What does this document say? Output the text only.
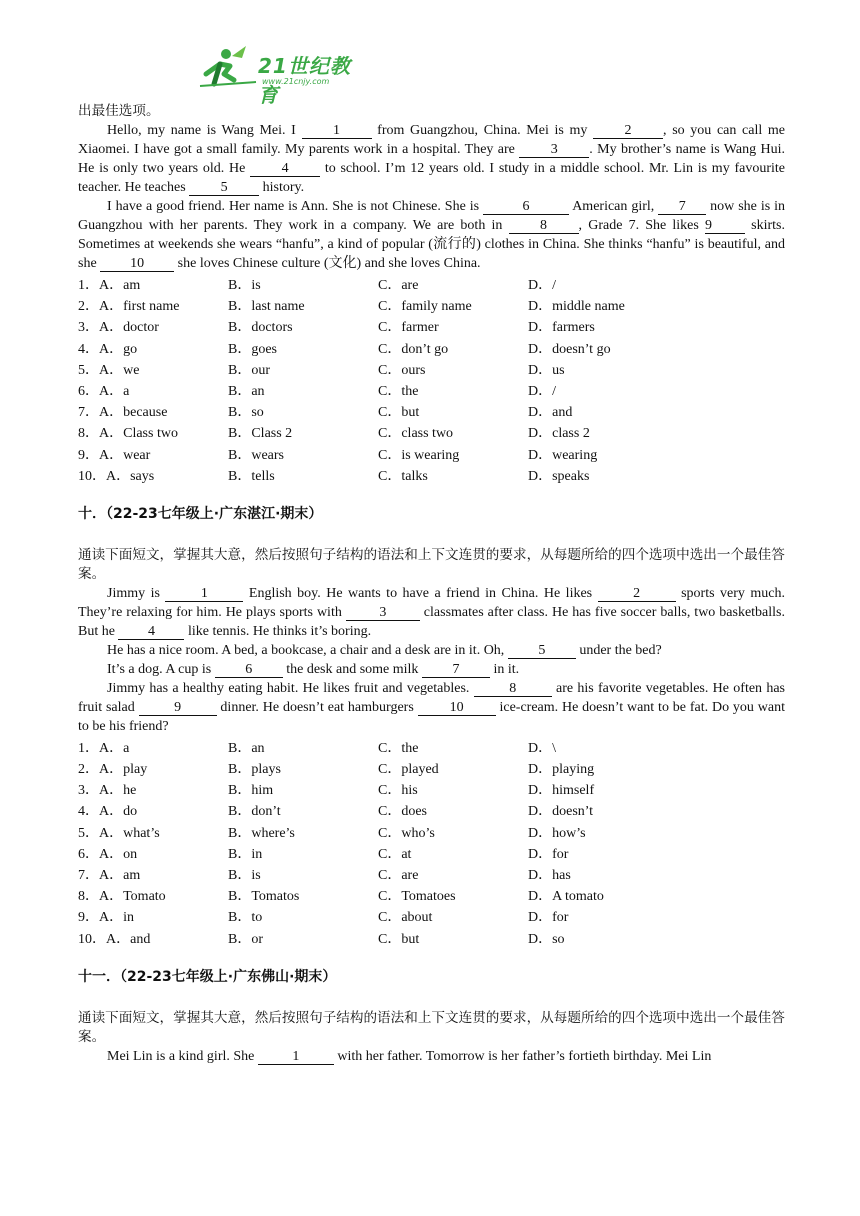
21世纪教育
www.21cnjy.com
出最佳选项。
Hello, my name is Wang Mei. I 1 from Guangzhou, China. Mei is my 2 , so you can call me Xiaomei. I have got a small family. My parents work in a hospital. They are 3 . My brother’s name is Wang Hui. He is only two years old. He 4 to school. I’m 12 years old. I study in a middle school. Mr. Lin is my favourite teacher. He teaches 5 history.
I have a good friend. Her name is Ann. She is not Chinese. She is	6	American girl, 7 now she is in Guangzhou with her parents. They work in a company. We are both in 8 , Grade 7. She likes 9 skirts. Sometimes at weekends she wears “hanfu”, a kind of popular (流行的) clothes in China. She thinks “hanfu” is beautiful, and she 10 she loves Chinese culture (文化) and she loves China.
1．A．am	B．is	C．are	D．/
2．A．first name	B．last name	C．family name	D．middle name
3．A．doctor	B．doctors	C．farmer	D．farmers
4．A．go	B．goes	C．don’t go	D．doesn’t go
5．A．we	B．our	C．ours	D．us
6．A．a	B．an	C．the	D．/
7．A．because	B．so	C．but	D．and
8．A．Class two	B．Class 2	C．class two	D．class 2
9．A．wear	B．wears	C．is wearing	D．wearing
10．A．says	B．tells	C．talks	D．speaks
十．（22-23七年级上·广东湛江·期末）
通读下面短文，掌握其大意，然后按照句子结构的语法和上下文连贯的要求，从每题所给的四个选项中选出一个最佳答案。
Jimmy is	1	English boy. He wants to have a friend in China. He likes	2	sports very much. They’re relaxing for him. He plays sports with 3 classmates after class. He has five soccer balls, two basketballs. But he 4 like tennis. He thinks it’s boring.
He has a nice room. A bed, a bookcase, a chair and a desk are in it. Oh, 5 under the bed?
It’s a dog. A cup is 6 the desk and some milk 7 in it.
Jimmy has a healthy eating habit. He likes fruit and vegetables.	8	are his favorite vegetables. He often has fruit salad	9	dinner. He doesn’t eat hamburgers 10 ice-cream. He doesn’t want to be fat. Do you want to be his friend?
1．A．a	B．an	C．the	D．\
2．A．play	B．plays	C．played	D．playing
3．A．he	B．him	C．his	D．himself
4．A．do	B．don’t	C．does	D．doesn’t
5．A．what’s	B．where’s	C．who’s	D．how’s
6．A．on	B．in	C．at	D．for
7．A．am	B．is	C．are	D．has
8．A．Tomato	B．Tomatos	C．Tomatoes	D．A tomato
9．A．in	B．to	C．about	D．for
10．A．and	B．or	C．but	D．so
十一．（22-23七年级上·广东佛山·期末）
通读下面短文，掌握其大意，然后按照句子结构的语法和上下文连贯的要求，从每题所给的四个选项中选出一个最佳答案。
Mei Lin is a kind girl. She 1 with her father. Tomorrow is her father’s fortieth birthday. Mei Lin
